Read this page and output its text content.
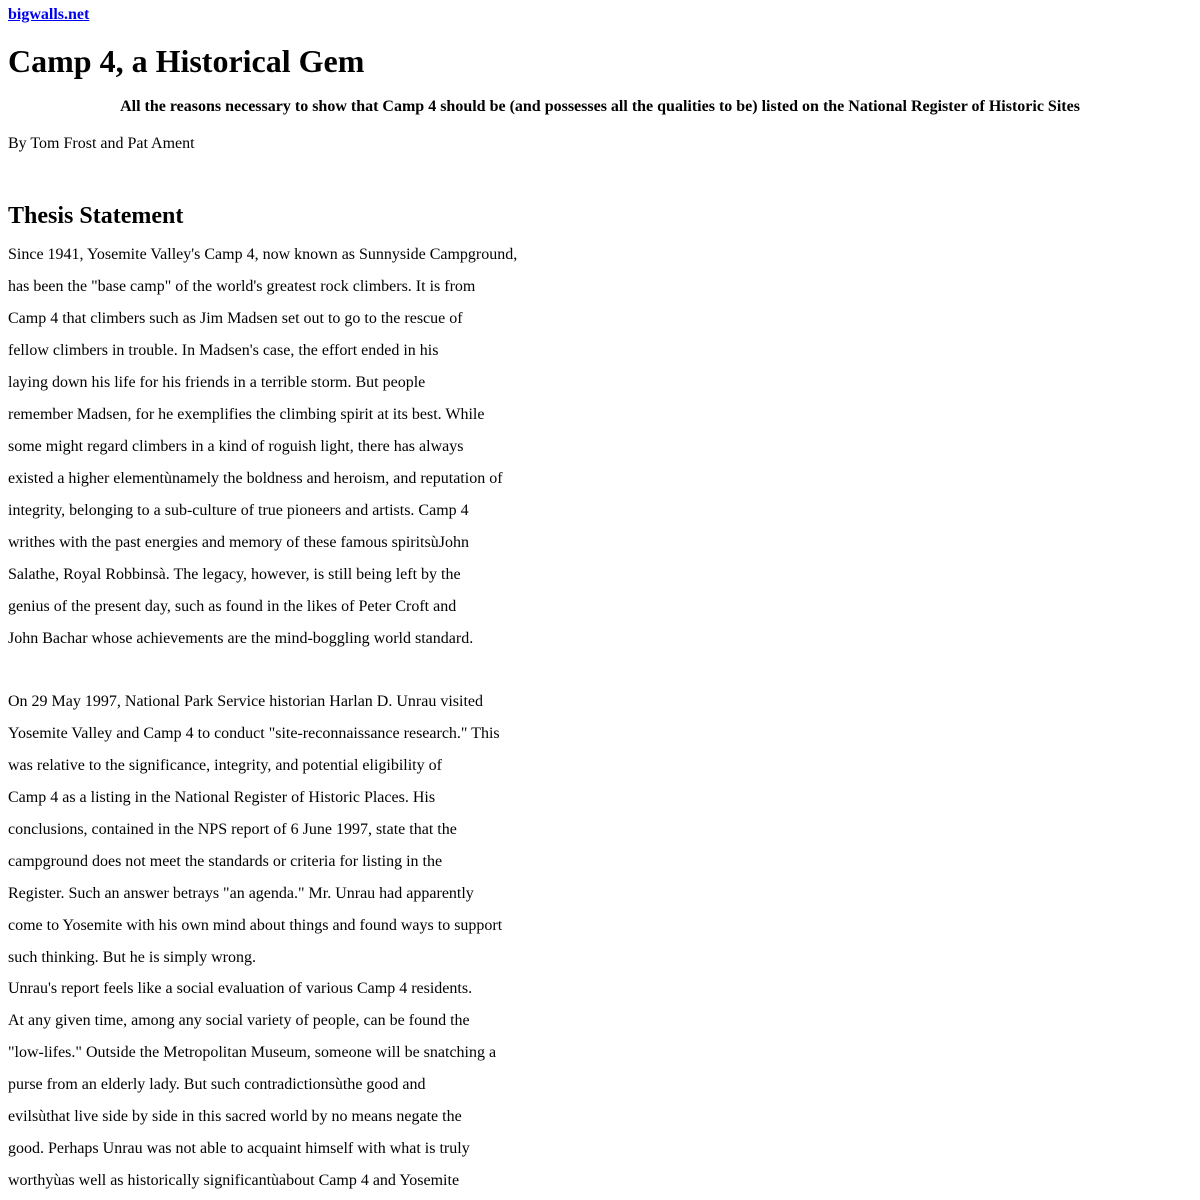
bigwalls.net
Camp 4, a Historical Gem

All the reasons necessary to show that Camp 4 should be (and possesses all the qualities to be) listed on the National Register of Historic Sites

By Tom Frost and Pat Ament

Thesis Statement
Since 1941, Yosemite Valley's Camp 4, now known as Sunnyside Campground,
has been the "base camp" of the world's greatest rock climbers. It is from
Camp 4 that climbers such as Jim Madsen set out to go to the rescue of
fellow climbers in trouble. In Madsen's case, the effort ended in his
laying down his life for his friends in a terrible storm. But people
remember Madsen, for he exemplifies the climbing spirit at its best. While
some might regard climbers in a kind of roguish light, there has always
existed a higher elementùnamely the boldness and heroism, and reputation of
integrity, belonging to a sub-culture of true pioneers and artists. Camp 4
writhes with the past energies and memory of these famous spiritsùJohn
Salathe, Royal Robbinsà. The legacy, however, is still being left by the
genius of the present day, such as found in the likes of Peter Croft and
John Bachar whose achievements are the mind-boggling world standard.
On 29 May 1997, National Park Service historian Harlan D. Unrau visited
Yosemite Valley and Camp 4 to conduct "site-reconnaissance research." This
was relative to the significance, integrity, and potential eligibility of
Camp 4 as a listing in the National Register of Historic Places. His
conclusions, contained in the NPS report of 6 June 1997, state that the
campground does not meet the standards or criteria for listing in the
Register. Such an answer betrays "an agenda." Mr. Unrau had apparently
come to Yosemite with his own mind about things and found ways to support
such thinking. But he is simply wrong.
Unrau's report feels like a social evaluation of various Camp 4 residents.
At any given time, among any social variety of people, can be found the
"low-lifes." Outside the Metropolitan Museum, someone will be snatching a
purse from an elderly lady. But such contradictionsùthe good and
evilsùthat live side by side in this sacred world by no means negate the
good. Perhaps Unrau was not able to acquaint himself with what is truly
worthyùas well as historically significantùabout Camp 4 and Yosemite
